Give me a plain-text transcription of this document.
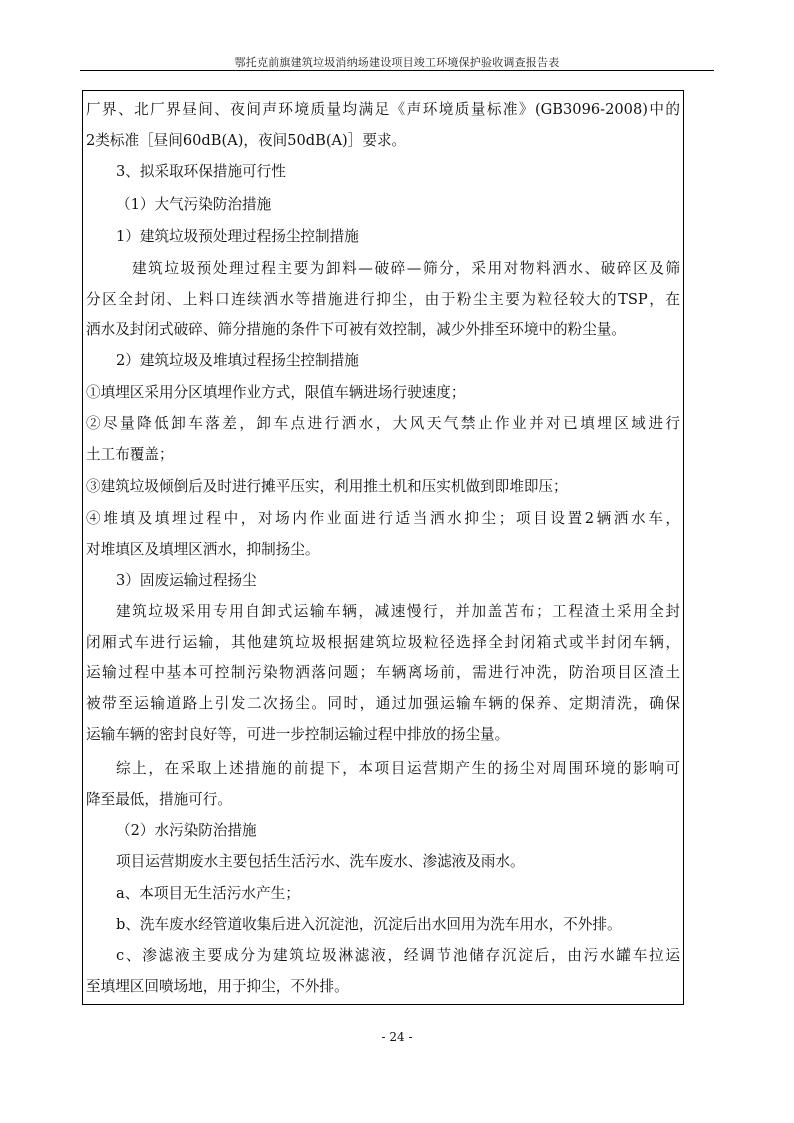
鄂托克前旗建筑垃圾消纳场建设项目竣工环境保护验收调查报告表
厂界、北厂界昼间、夜间声环境质量均满足《声环境质量标准》(GB3096-2008)中的
2类标准［昼间60dB(A)，夜间50dB(A)］要求。
3、拟采取环保措施可行性
（1）大气污染防治措施
1）建筑垃圾预处理过程扬尘控制措施
建筑垃圾预处理过程主要为卸料—破碎—筛分，采用对物料洒水、破碎区及筛
分区全封闭、上料口连续洒水等措施进行抑尘，由于粉尘主要为粒径较大的TSP，在
洒水及封闭式破碎、筛分措施的条件下可被有效控制，减少外排至环境中的粉尘量。
2）建筑垃圾及堆填过程扬尘控制措施
①填埋区采用分区填埋作业方式，限值车辆进场行驶速度；
②尽量降低卸车落差，卸车点进行洒水，大风天气禁止作业并对已填埋区域进行
土工布覆盖；
③建筑垃圾倾倒后及时进行摊平压实，利用推土机和压实机做到即堆即压；
④堆填及填埋过程中，对场内作业面进行适当洒水抑尘；项目设置2辆洒水车，
对堆填区及填埋区洒水，抑制扬尘。
3）固废运输过程扬尘
建筑垃圾采用专用自卸式运输车辆，减速慢行，并加盖苫布；工程渣土采用全封
闭厢式车进行运输，其他建筑垃圾根据建筑垃圾粒径选择全封闭箱式或半封闭车辆，
运输过程中基本可控制污染物洒落问题；车辆离场前，需进行冲洗，防治项目区渣土
被带至运输道路上引发二次扬尘。同时，通过加强运输车辆的保养、定期清洗，确保
运输车辆的密封良好等，可进一步控制运输过程中排放的扬尘量。
综上，在采取上述措施的前提下，本项目运营期产生的扬尘对周围环境的影响可
降至最低，措施可行。
（2）水污染防治措施
项目运营期废水主要包括生活污水、洗车废水、渗滤液及雨水。
a、本项目无生活污水产生；
b、洗车废水经管道收集后进入沉淀池，沉淀后出水回用为洗车用水，不外排。
c、渗滤液主要成分为建筑垃圾淋滤液，经调节池储存沉淀后，由污水罐车拉运
至填埋区回喷场地，用于抑尘，不外排。
- 24 -
